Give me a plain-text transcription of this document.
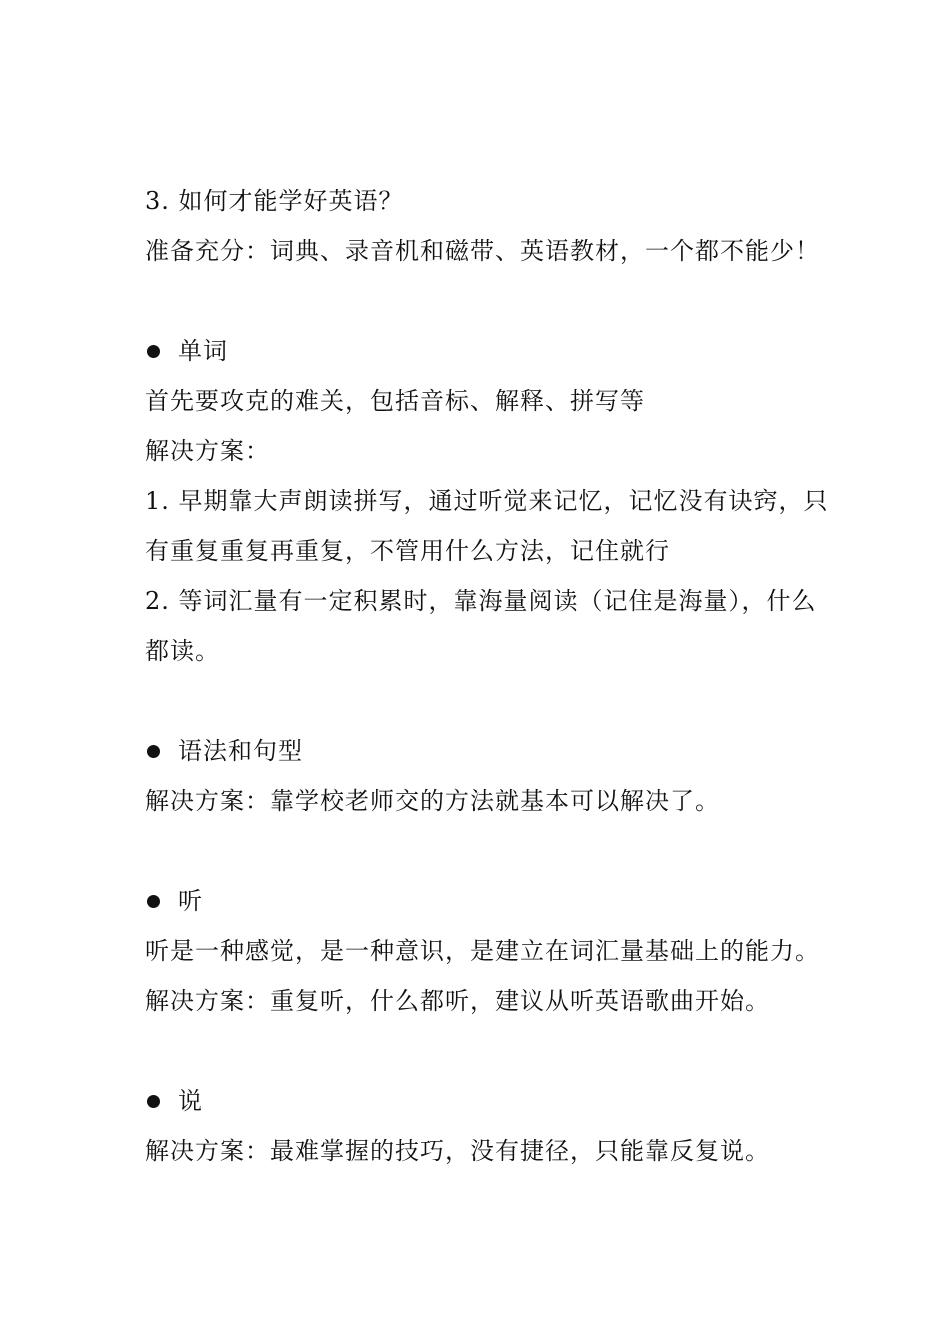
3. 如何才能学好英语？
准备充分：词典、录音机和磁带、英语教材，一个都不能少！
单词
首先要攻克的难关，包括音标、解释、拼写等
解决方案：
1. 早期靠大声朗读拼写，通过听觉来记忆，记忆没有诀窍，只
有重复重复再重复，不管用什么方法，记住就行
2. 等词汇量有一定积累时，靠海量阅读（记住是海量），什么
都读。
语法和句型
解决方案：靠学校老师交的方法就基本可以解决了。
听
听是一种感觉，是一种意识，是建立在词汇量基础上的能力。
解决方案：重复听，什么都听，建议从听英语歌曲开始。
说
解决方案：最难掌握的技巧，没有捷径，只能靠反复说。
